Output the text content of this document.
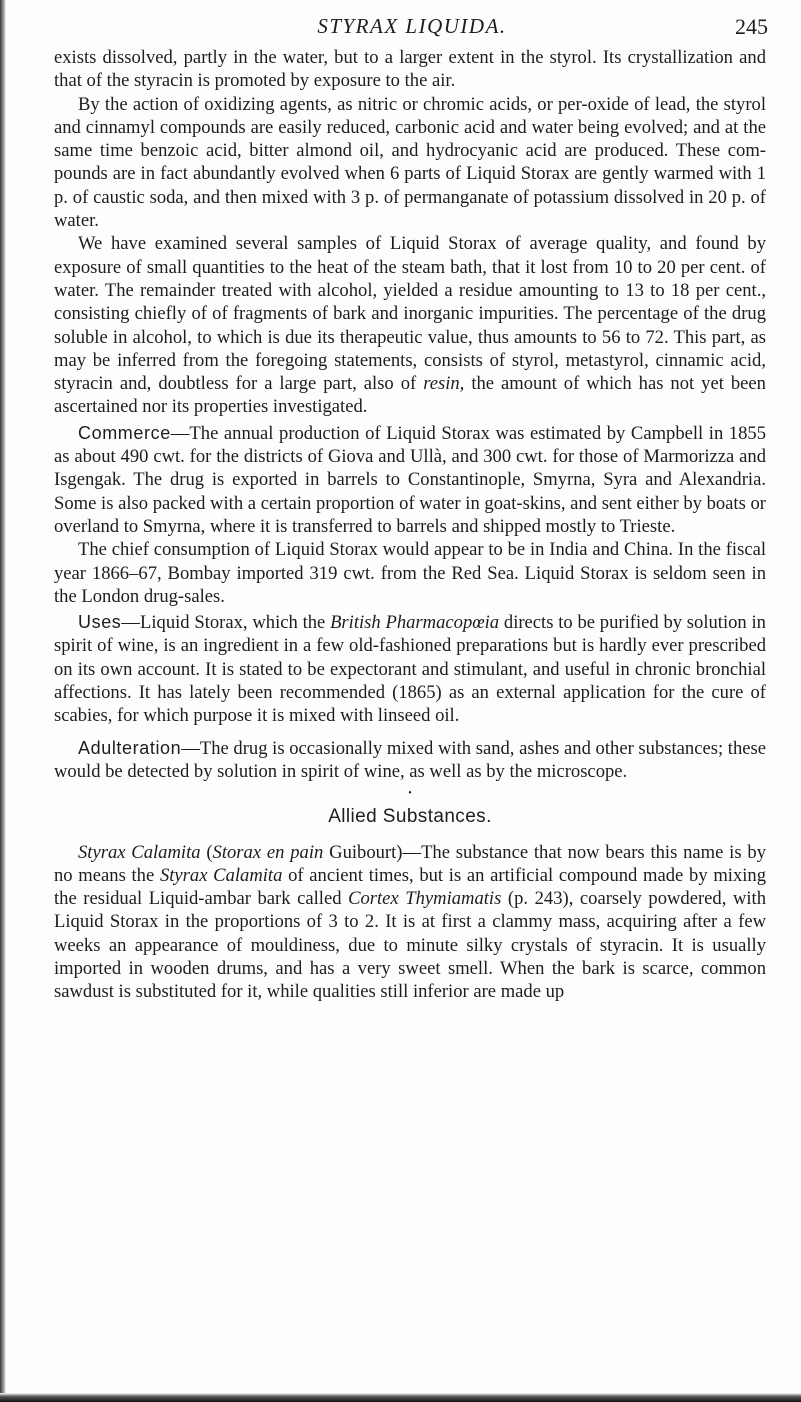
STYRAX LIQUIDA.	245

exists dissolved, partly in the water, but to a larger extent in the styrol. Its crystallization and that of the styracin is promoted by exposure to the air.

By the action of oxidizing agents, as nitric or chromic acids, or per-oxide of lead, the styrol and cinnamyl compounds are easily reduced, carbonic acid and water being evolved; and at the same time benzoic acid, bitter almond oil, and hydrocyanic acid are produced. These com-pounds are in fact abundantly evolved when 6 parts of Liquid Storax are gently warmed with 1 p. of caustic soda, and then mixed with 3 p. of permanganate of potassium dissolved in 20 p. of water.

We have examined several samples of Liquid Storax of average quality, and found by exposure of small quantities to the heat of the steam bath, that it lost from 10 to 20 per cent. of water. The remainder treated with alcohol, yielded a residue amounting to 13 to 18 per cent., consisting chiefly of of fragments of bark and inorganic impurities. The percentage of the drug soluble in alcohol, to which is due its therapeutic value, thus amounts to 56 to 72. This part, as may be inferred from the foregoing statements, consists of styrol, metastyrol, cinnamic acid, styracin and, doubtless for a large part, also of resin, the amount of which has not yet been ascertained nor its properties investigated.

Commerce—The annual production of Liquid Storax was estimated by Campbell in 1855 as about 490 cwt. for the districts of Giova and Ullà, and 300 cwt. for those of Marmorizza and Isgengak. The drug is exported in barrels to Constantinople, Smyrna, Syra and Alexandria. Some is also packed with a certain proportion of water in goat-skins, and sent either by boats or overland to Smyrna, where it is transferred to barrels and shipped mostly to Trieste.

The chief consumption of Liquid Storax would appear to be in India and China. In the fiscal year 1866–67, Bombay imported 319 cwt. from the Red Sea. Liquid Storax is seldom seen in the London drug-sales.

Uses—Liquid Storax, which the British Pharmacopœia directs to be purified by solution in spirit of wine, is an ingredient in a few old-fashioned preparations but is hardly ever prescribed on its own account. It is stated to be expectorant and stimulant, and useful in chronic bronchial affections. It has lately been recommended (1865) as an external application for the cure of scabies, for which purpose it is mixed with linseed oil.

Adulteration—The drug is occasionally mixed with sand, ashes and other substances; these would be detected by solution in spirit of wine, as well as by the microscope.

•
Allied Substances.

Styrax Calamita (Storax en pain Guibourt)—The substance that now bears this name is by no means the Styrax Calamita of ancient times, but is an artificial compound made by mixing the residual Liquid-ambar bark called Cortex Thymiamatis (p. 243), coarsely powdered, with Liquid Storax in the proportions of 3 to 2. It is at first a clammy mass, acquiring after a few weeks an appearance of mouldiness, due to minute silky crystals of styracin. It is usually imported in wooden drums, and has a very sweet smell. When the bark is scarce, common sawdust is substituted for it, while qualities still inferior are made up
